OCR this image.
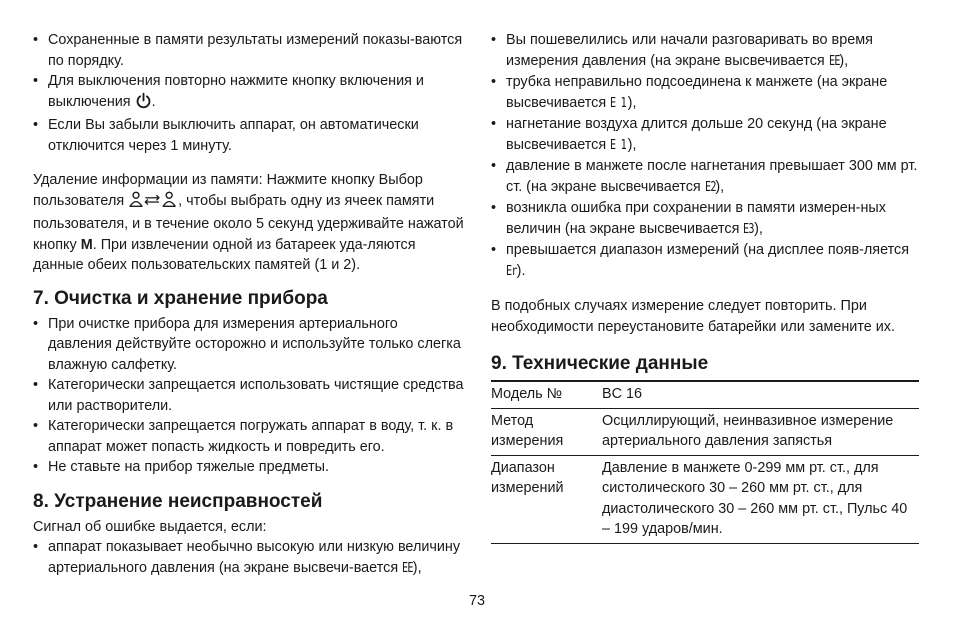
• Сохраненные в памяти результаты измерений показы-ваются по порядку.
• Для выключения повторно нажмите кнопку включения и выключения .
• Если Вы забыли выключить аппарат, он автоматически отключится через 1 минуту.

Удаление информации из памяти: Нажмите кнопку Выбор пользователя	, чтобы выбрать одну из ячеек памяти пользователя, и в течение около 5 секунд удерживайте нажатой кнопку M. При извлечении одной из батареек уда-ляются данные обеих пользовательских памятей (1 и 2).

7. Очистка и хранение прибора
• При очистке прибора для измерения артериального давления действуйте осторожно и используйте только слегка влажную салфетку.
• Категорически запрещается использовать чистящие средства или растворители.
• Категорически запрещается погружать аппарат в воду, т. к. в аппарат может попасть жидкость и повредить его.
• Не ставьте на прибор тяжелые предметы.
8. Устранение неисправностей

Сигнал об ошибке выдается, если:

• аппарат показывает необычно высокую или низкую величину артериального давления (на экране высвечи-вается EE),
• Вы пошевелились или начали разговаривать во время измерения давления (на экране высвечивается EE),
• трубка неправильно подсоединена к манжете (на экране высвечивается E 1 ),
• нагнетание воздуха длится дольше 20 секунд (на экране высвечивается E 1 ),
• давление в манжете после нагнетания превышает 300 мм рт. ст. (на экране высвечивается E2),
• возникла ошибка при сохранении в памяти измерен-ных величин (на экране высвечивается E3),
• превышается диапазон измерений (на дисплее появ-ляется Er).

В подобных случаях измерение следует повторить. При необходимости переустановите батарейки или замените их.

9. Технические данные
Модель №	BC 16
Метод измерения	Осциллирующий, неинвазивное измерение артериального давления запястья
Диапазон измерений	Давление в манжете 0-299 мм рт. ст., для систолического 30 – 260 мм рт. ст., для диастолического 30 – 260 мм рт. ст., Пульс 40 – 199 ударов/мин.
73
